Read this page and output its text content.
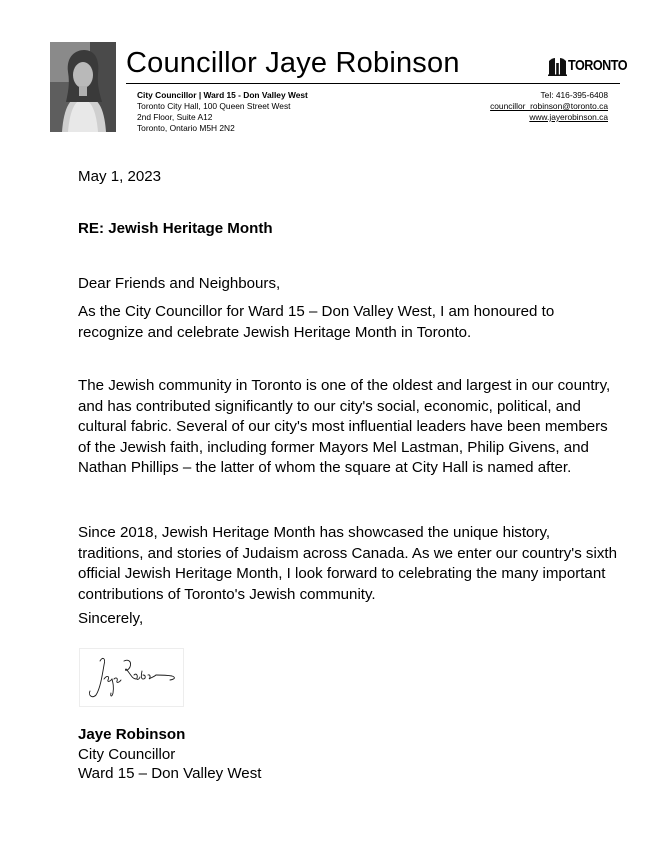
Councillor Jaye Robinson
City Councillor | Ward 15 - Don Valley West
Toronto City Hall, 100 Queen Street West
2nd Floor, Suite A12
Toronto, Ontario M5H 2N2
Tel: 416-395-6408
councillor_robinson@toronto.ca
www.jayerobinson.ca
TORONTO

May 1, 2023

RE: Jewish Heritage Month

Dear Friends and Neighbours,

As the City Councillor for Ward 15 – Don Valley West, I am honoured to recognize and celebrate Jewish Heritage Month in Toronto.

The Jewish community in Toronto is one of the oldest and largest in our country, and has contributed significantly to our city's social, economic, political, and cultural fabric. Several of our city's most influential leaders have been members of the Jewish faith, including former Mayors Mel Lastman, Philip Givens, and Nathan Phillips – the latter of whom the square at City Hall is named after.

Since 2018, Jewish Heritage Month has showcased the unique history, traditions, and stories of Judaism across Canada. As we enter our country's sixth official Jewish Heritage Month, I look forward to celebrating the many important contributions of Toronto's Jewish community.

Sincerely,

Jaye Robinson
City Councillor
Ward 15 – Don Valley West
